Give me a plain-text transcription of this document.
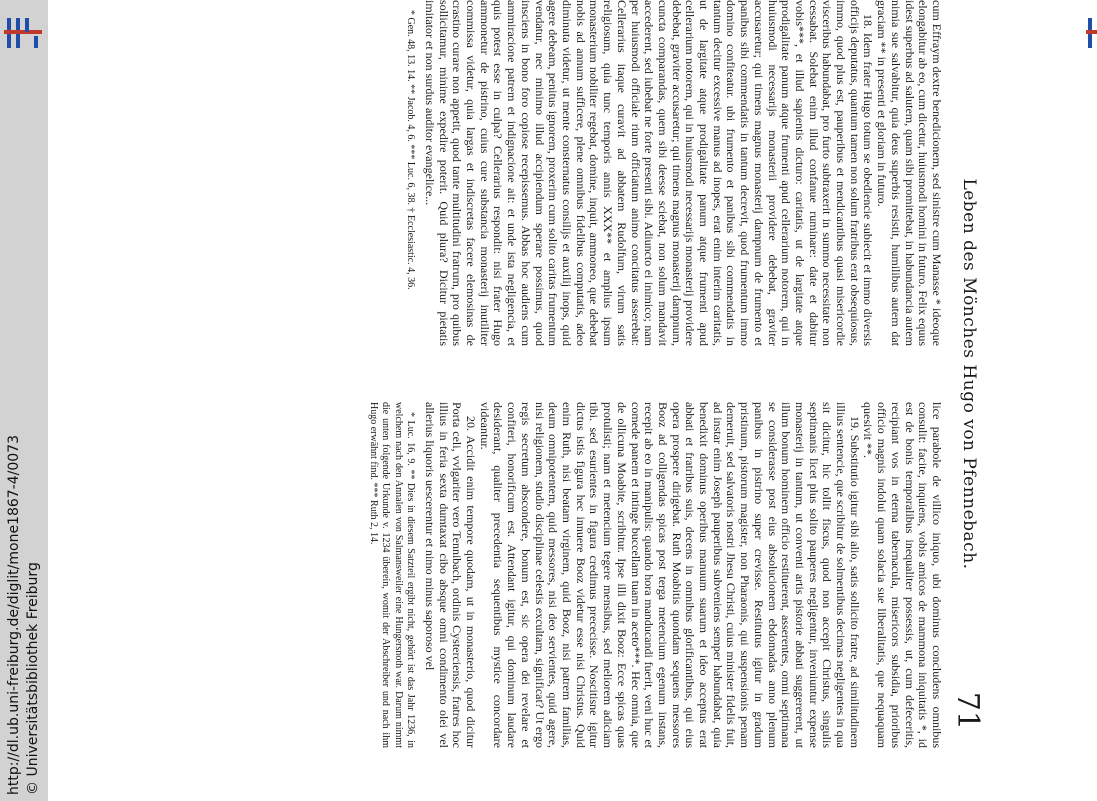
http://dl.ub.uni-freiburg.de/diglit/mone1867-4/0073 © Universitätsbibliothek Freiburg
Leben des Mönches Hugo von Pfennebach.
71

cum Effraym dextre benedicionem, sed sinistre cum Manasse * ideoque elongabitur ab eo, cum dicetur, huiusmodi homini in futuro. Felix equus idest superbus ad salutem, quam sibi promittebat, in habundancia autem nimia sue salvabitur, quia deus superbis resistit, humilibus autem dat graciam ** in presenti et gloriam in futuro.

18. Idem frater Hugo totum se obediencie subiecit et immo diversis officijs deputatus, quantum tamen non solum fratribus erat obsequiosus, immo, quod plus est, pauperibus et mendicantibus quasi misericordie visceribus habundabat, pro furto subtraxerit in summo necessitate non cessabat. Solebat enim illud confanue ruminare: date et dabitur vobis***, et illud sapientis dicturo: caritatis, ut de largitate atque prodigalitate panum atque frumenti apud cellerarium notorem, qui in huiusmodi necessarijs monasterii providere debebat, graviter accusaretur; qui timens magnus monasterij dampnum de frumento et panibus sibi commendatis in tantum decrevit, quod frumentum immo domino confiteatur. ubi frumento et panibus sibi commendatis in tantum decitur excessive manus ad inopes, erat enim interim caritatis, ut de largitate atque prodigalitate panum atque frumenti apud cellerarium notorem, qui in huiusmodi necessarijs monasterij providere debebat, graviter accusaretur; qui timens magnus monasterij dampnum, cuncta comparandas, quem sibi deesse sciebat, non solum mandavit accederent, sed iubebat ne forte presenti sibi. Adiuncto ei inimico; nam per huiusmodi officiale rium officiatum animo concitatus asserebat: Cellerarius itaque curavit ad abbatem Rudolfum, virum satis religiosum, quia tunc temporis annis XXX** et amplius ipsum monasterium nobiliter regebat, domine, inquit, ammoneo, que debebat nobis ad annum sufficere, plene omnibus fidelibus computatis, adeo diminuta videtur, ut mente consternatus consilijs et auxilij inops, quid agere debeam, penitus ignorem, proxerim cum solito caritas frumentum vendatur, nec minimo illud accipiendum sperare possimus, quod insciens in bono foro copiose recepissemus. Abbas hoc audiens cum ammiracione patrem et indignacione ait: et unde ista negligencia, et quis potest esse in culpa? Cellerarius respondit: nisi frater Hugo ammonetur de pistrino, cuius cure substancia monasterij inutiliter commissa videtur, quia largas et indiscretas facerе elemosinas de crastino curare non appetit, quod tante multitudini fratrum, pro quibus sollicitamur, minime expedire poterit. Quid plura? Dicitur pietatis imitator et non surdus auditor evangelice...

* Gen. 48, 13. 14. ** Jacob. 4, 6. *** Luc. 6, 38. † Ecclesiastic. 4, 36.

lice parabole de villico iniquo, ubi dominus concludens omnibus consulit: facite, inquiens, vobis amicos de mammona iniquitatis *, id est de bonis temporalibus inequaliter possessis, ut, cum defeceritis, recipiant vos in eterna tabernacula, misericors subsidia, prioribus officio magnis indolui quam solacia sue liberalitatis, que nequaquam quesivit **.

19. Substitutio igitur sibi alio, satis sollicito fratre, ad similitudinem illius sentencie, que scribitur de solmentibus decimas negligentes in qua sit dicitur, hic tollit fiscus, quod non accepit Christus, singulis septimanis licet plus solito pauperes negligentur, inveniuntur expense monasterij in tantum, ut conventi artis pistorie abbati suggererent, ut illum bonum hominem officio restituerent, asserentes, omni septimana se considerasse post eius absolucionem ebdomadas anno plenum panibus in pistrino super crevisse. Restitutus igitur in gradum pristinum, pistorum magister, non Pharaonis, qui suspensionis penam demeruit, sed salvatoris nostri Jhesu Christi, cuius minister fidelis fuit, ad instar enim Joseph pauperibus subveniens semper habundabat, quia benedixit dominus operibus manuum suarum et ideo acceptus erat abbati et fratribus suis, decens in omnibus glorificantibus, qui eius opera prospere dirigebat. Ruth Moabitis quondam sequens messores Booz ad colligendas spicas post terga metencium egenum instans, recepit ab eo in manipulis: quando hora manducandi fuerit, veni huc et comede panem et intinge buccellam tuam in aceto***. Hec omnia, que de ollicuna Moabite, scribitur. Ipse illi dixit Booz: Ecce spicas quas protulisti; nam et metencium tegere mensibus, sed meliorem adiciam tibi. sed esurientes in figura credimus prececisse. Noscitisne igitur dictus istis figura hec innuere Booz videtur esse nisi Christus. Quid enim Ruth, nisi beatam virginem, quid Booz, nisi patrem familias, deum omnipotentem, quid messores, nisi deo servientes, quid agere, nisi religionem, studio disciplinae celestis excultam, significat? Ut ergo regis secretum abscondere, bonum est, sic opera dei revelare et confiteri, honorificum est. Attendant igitur, qui dominum laudare desiderant, qualiter precedentia sequentibus mystice concordare videantur.

20. Accidit enim tempore quodam, ut in monasterio, quod dicitur Porta celi, vvlgariter vero Tennibach, ordinis Cysterciensis, fratres hoc illius in feria sexta dumtaxat cibo absque omni condimento olei vel allerius liquoris uescerentur et nimo minus saporoso vel

* Luc. 16, 9. ** Dies in diesem Satzteil ergibt nicht, gehört ist das Jahr 1236, in welchem nach den Annalen von Salmansweiler eine Hungersnoth war. Darum nimmt die unten folgende Urkunde v. 1234 überein, womit der Abschreiber und nach ihm Hugo erwähnt find. *** Ruth 2, 14.
